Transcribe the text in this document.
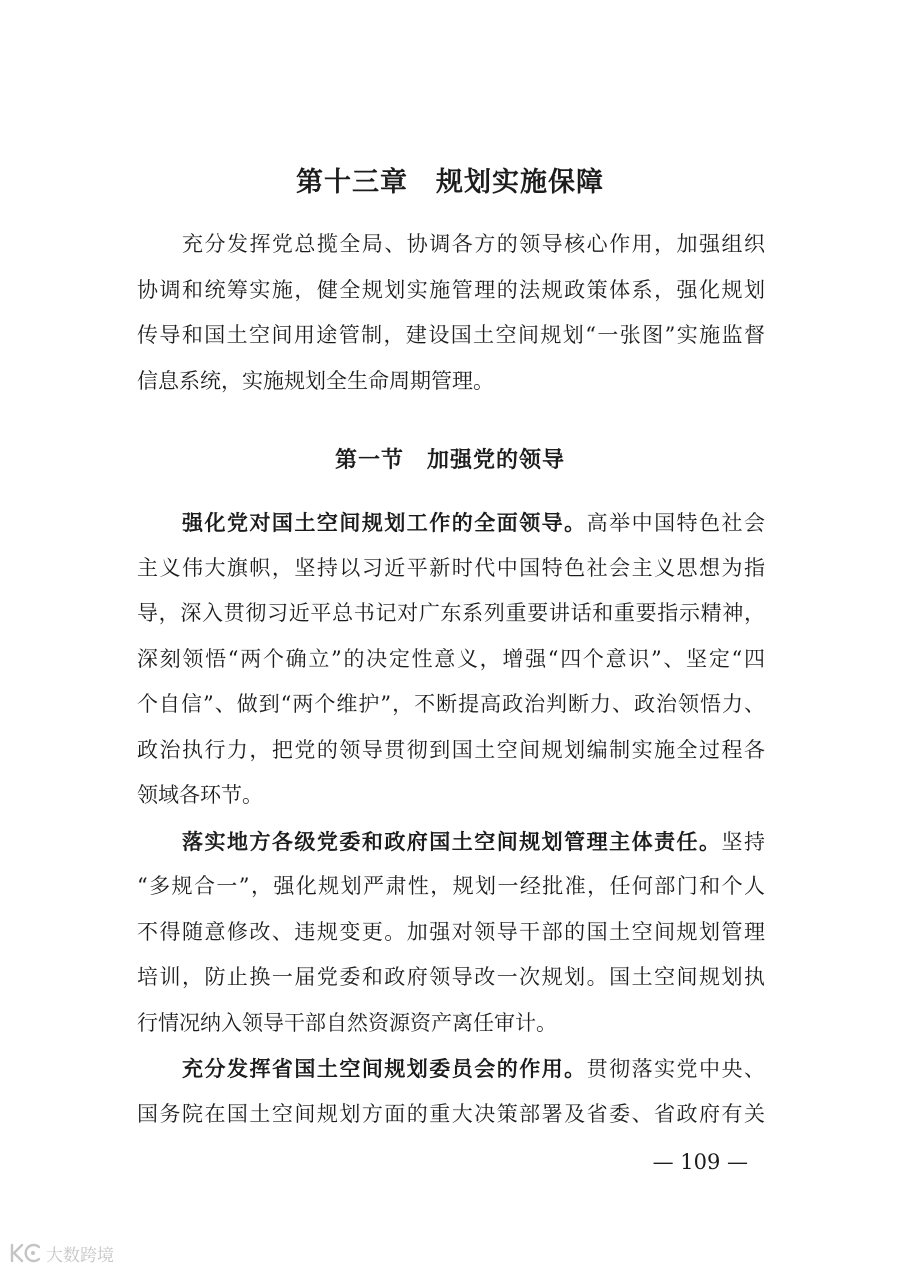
第十三章　规划实施保障
充分发挥党总揽全局、协调各方的领导核心作用，加强组织
协调和统筹实施，健全规划实施管理的法规政策体系，强化规划
传导和国土空间用途管制，建设国土空间规划“一张图”实施监督
信息系统，实施规划全生命周期管理。
第一节　加强党的领导
强化党对国土空间规划工作的全面领导。高举中国特色社会
主义伟大旗帜，坚持以习近平新时代中国特色社会主义思想为指
导，深入贯彻习近平总书记对广东系列重要讲话和重要指示精神，
深刻领悟“两个确立”的决定性意义，增强“四个意识”、坚定“四
个自信”、做到“两个维护”，不断提高政治判断力、政治领悟力、
政治执行力，把党的领导贯彻到国土空间规划编制实施全过程各
领域各环节。
落实地方各级党委和政府国土空间规划管理主体责任。坚持
“多规合一”，强化规划严肃性，规划一经批准，任何部门和个人
不得随意修改、违规变更。加强对领导干部的国土空间规划管理
培训，防止换一届党委和政府领导改一次规划。国土空间规划执
行情况纳入领导干部自然资源资产离任审计。
充分发挥省国土空间规划委员会的作用。贯彻落实党中央、
国务院在国土空间规划方面的重大决策部署及省委、省政府有关
— 109 —
大数跨境
